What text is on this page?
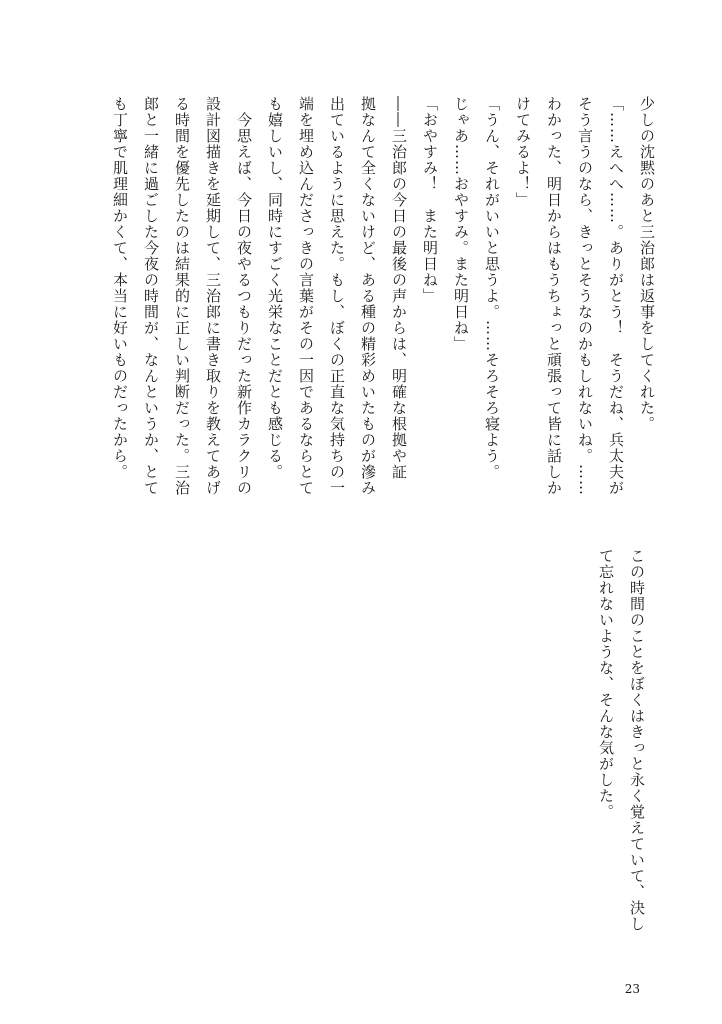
少しの沈黙のあと三治郎は返事をしてくれた。
「……えへへ……。ありがとう！　そうだね、兵太夫が
そう言うのなら、きっとそうなのかもしれないね。……
わかった、明日からはもうちょっと頑張って皆に話しか
けてみるよ！」
「うん、それがいいと思うよ。……そろそろ寝よう。
じゃあ……おやすみ。また明日ね」
「おやすみ！　また明日ね」
――三治郎の今日の最後の声からは、明確な根拠や証
拠なんて全くないけど、ある種の精彩めいたものが滲み
出ているように思えた。もし、ぼくの正直な気持ちの一
端を埋め込んださっきの言葉がその一因であるならとて
も嬉しいし、同時にすごく光栄なことだとも感じる。
　今思えば、今日の夜やるつもりだった新作カラクリの
設計図描きを延期して、三治郎に書き取りを教えてあげ
る時間を優先したのは結果的に正しい判断だった。三治
郎と一緒に過ごした今夜の時間が、なんというか、とて
も丁寧で肌理細かくて、本当に好いものだったから。
この時間のことをぼくはきっと永く覚えていて、決し
て忘れないような、そんな気がした。
23
